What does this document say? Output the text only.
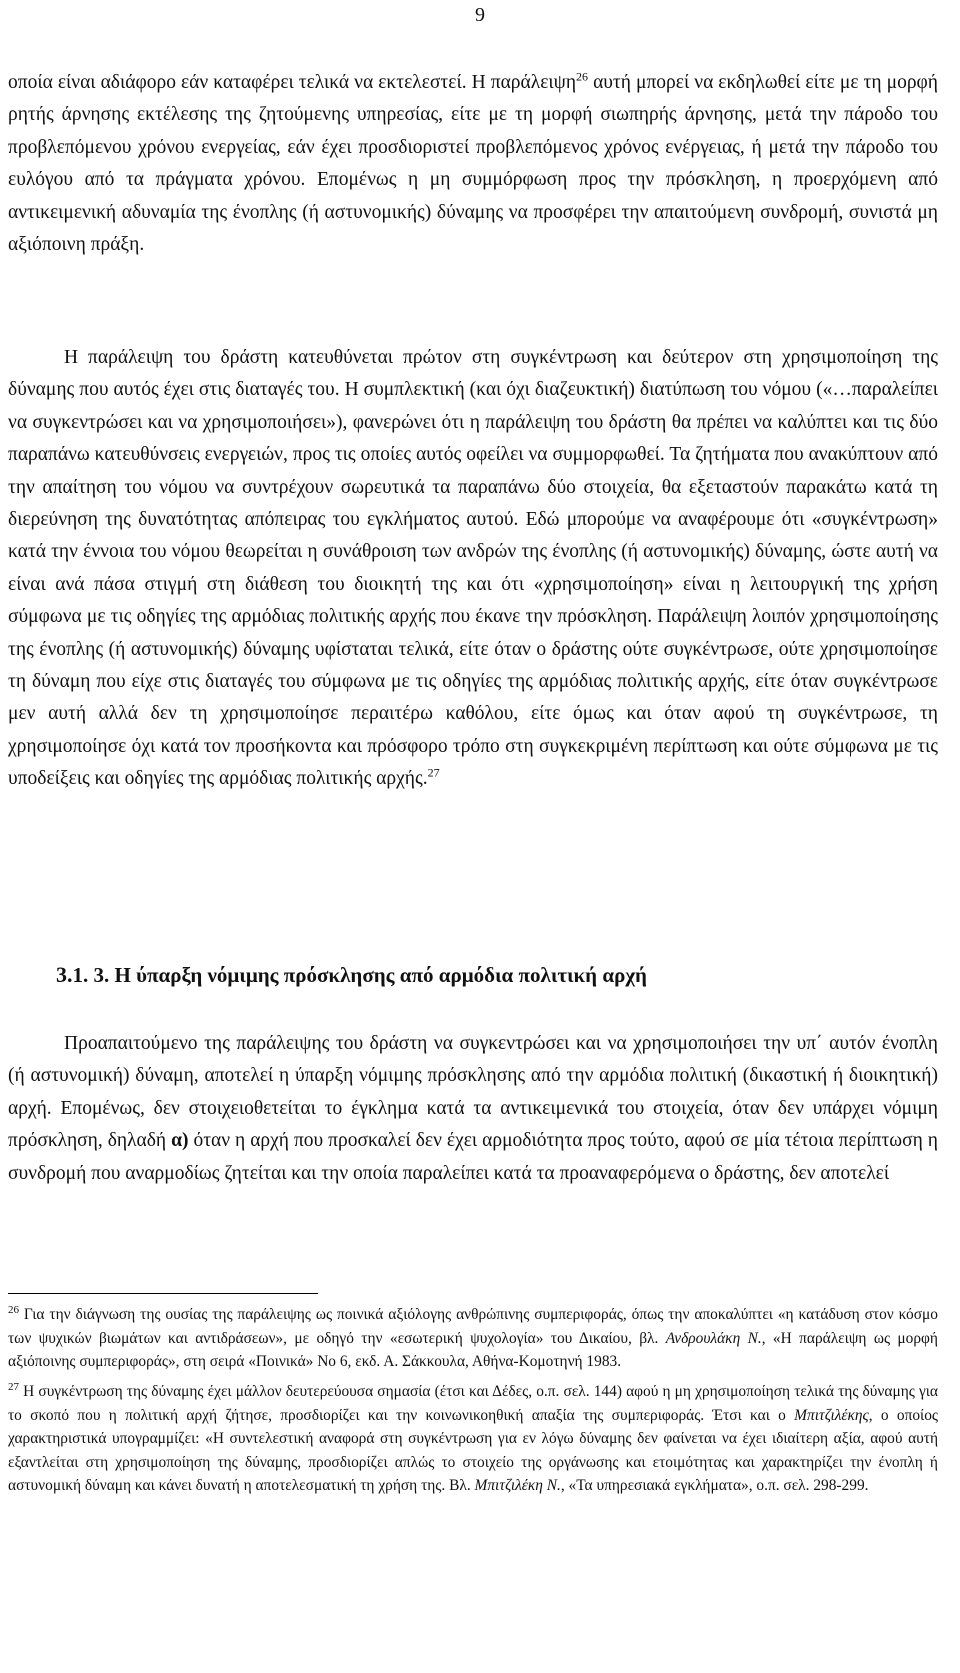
9

οποία είναι αδιάφορο εάν καταφέρει τελικά να εκτελεστεί. Η παράλειψη$^{26}$ αυτή μπορεί να εκδηλωθεί είτε με τη μορφή ρητής άρνησης εκτέλεσης της ζητούμενης υπηρεσίας, είτε με τη μορφή σιωπηρής άρνησης, μετά την πάροδο του προβλεπόμενου χρόνου ενεργείας, εάν έχει προσδιοριστεί προβλεπόμενος χρόνος ενέργειας, ή μετά την πάροδο του ευλόγου από τα πράγματα χρόνου. Επομένως η μη συμμόρφωση προς την πρόσκληση, η προερχόμενη από αντικειμενική αδυναμία της ένοπλης (ή αστυνομικής) δύναμης να προσφέρει την απαιτούμενη συνδρομή, συνιστά μη αξιόποινη πράξη.

Η παράλειψη του δράστη κατευθύνεται πρώτον στη συγκέντρωση και δεύτερον στη χρησιμοποίηση της δύναμης που αυτός έχει στις διαταγές του. Η συμπλεκτική (και όχι διαζευκτική) διατύπωση του νόμου («…παραλείπει να συγκεντρώσει και να χρησιμοποιήσει»), φανερώνει ότι η παράλειψη του δράστη θα πρέπει να καλύπτει και τις δύο παραπάνω κατευθύνσεις ενεργειών, προς τις οποίες αυτός οφείλει να συμμορφωθεί. Τα ζητήματα που ανακύπτουν από την απαίτηση του νόμου να συντρέχουν σωρευτικά τα παραπάνω δύο στοιχεία, θα εξεταστούν παρακάτω κατά τη διερεύνηση της δυνατότητας απόπειρας του εγκλήματος αυτού. Εδώ μπορούμε να αναφέρουμε ότι «συγκέντρωση» κατά την έννοια του νόμου θεωρείται η συνάθροιση των ανδρών της ένοπλης (ή αστυνομικής) δύναμης, ώστε αυτή να είναι ανά πάσα στιγμή στη διάθεση του διοικητή της και ότι «χρησιμοποίηση» είναι η λειτουργική της χρήση σύμφωνα με τις οδηγίες της αρμόδιας πολιτικής αρχής που έκανε την πρόσκληση. Παράλειψη λοιπόν χρησιμοποίησης της ένοπλης (ή αστυνομικής) δύναμης υφίσταται τελικά, είτε όταν ο δράστης ούτε συγκέντρωσε, ούτε χρησιμοποίησε τη δύναμη που είχε στις διαταγές του σύμφωνα με τις οδηγίες της αρμόδιας πολιτικής αρχής, είτε όταν συγκέντρωσε μεν αυτή αλλά δεν τη χρησιμοποίησε περαιτέρω καθόλου, είτε όμως και όταν αφού τη συγκέντρωσε, τη χρησιμοποίησε όχι κατά τον προσήκοντα και πρόσφορο τρόπο στη συγκεκριμένη περίπτωση και ούτε σύμφωνα με τις υποδείξεις και οδηγίες της αρμόδιας πολιτικής αρχής.$^{27}$

3.1. 3. Η ύπαρξη νόμιμης πρόσκλησης από αρμόδια πολιτική αρχή

Προαπαιτούμενο της παράλειψης του δράστη να συγκεντρώσει και να χρησιμοποιήσει την υπ΄ αυτόν ένοπλη (ή αστυνομική) δύναμη, αποτελεί η ύπαρξη νόμιμης πρόσκλησης από την αρμόδια πολιτική (δικαστική ή διοικητική) αρχή. Επομένως, δεν στοιχειοθετείται το έγκλημα κατά τα αντικειμενικά του στοιχεία, όταν δεν υπάρχει νόμιμη πρόσκληση, δηλαδή α) όταν η αρχή που προσκαλεί δεν έχει αρμοδιότητα προς τούτο, αφού σε μία τέτοια περίπτωση η συνδρομή που αναρμοδίως ζητείται και την οποία παραλείπει κατά τα προαναφερόμενα ο δράστης, δεν αποτελεί

$^{26}$ Για την διάγνωση της ουσίας της παράλειψης ως ποινικά αξιόλογης ανθρώπινης συμπεριφοράς, όπως την αποκαλύπτει «η κατάδυση στον κόσμο των ψυχικών βιωμάτων και αντιδράσεων», με οδηγό την «εσωτερική ψυχολογία» του Δικαίου, βλ. Ανδρουλάκη Ν., «Η παράλειψη ως μορφή αξιόποινης συμπεριφοράς», στη σειρά «Ποινικά» Νο 6, εκδ. Α. Σάκκουλα, Αθήνα-Κομοτηνή 1983.

$^{27}$ Η συγκέντρωση της δύναμης έχει μάλλον δευτερεύουσα σημασία (έτσι και Δέδες, ο.π. σελ. 144) αφού η μη χρησιμοποίηση τελικά της δύναμης για το σκοπό που η πολιτική αρχή ζήτησε, προσδιορίζει και την κοινωνικοηθική απαξία της συμπεριφοράς. Έτσι και ο Μπιτζιλέκης, ο οποίος χαρακτηριστικά υπογραμμίζει: «Η συντελεστική αναφορά στη συγκέντρωση για εν λόγω δύναμης δεν φαίνεται να έχει ιδιαίτερη αξία, αφού αυτή εξαντλείται στη χρησιμοποίηση της δύναμης, προσδιορίζει απλώς το στοιχείο της οργάνωσης και ετοιμότητας και χαρακτηρίζει την ένοπλη ή αστυνομική δύναμη και κάνει δυνατή η αποτελεσματική τη χρήση της. Βλ. Μπιτζιλέκη Ν., «Τα υπηρεσιακά εγκλήματα», ο.π. σελ. 298-299.
